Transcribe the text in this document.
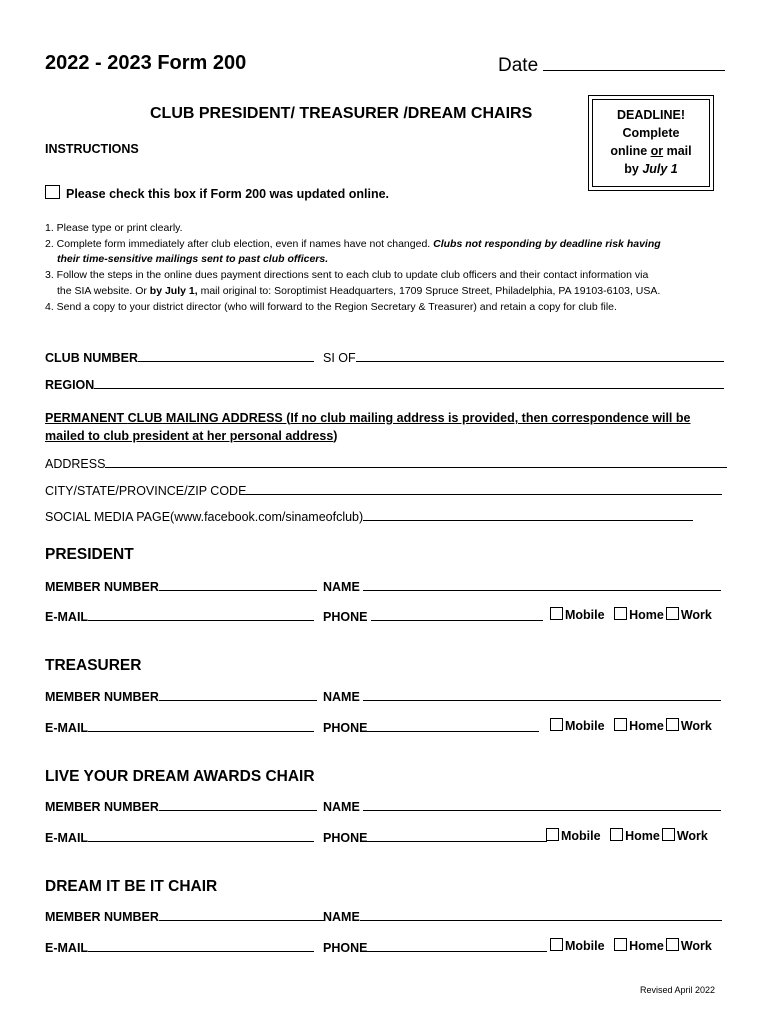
2022 - 2023 Form 200	Date
CLUB PRESIDENT/ TREASURER /DREAM CHAIRS
INSTRUCTIONS
DEADLINE!
Complete
online or mail
by July 1
Please check this box if Form 200 was updated online.
1. Please type or print clearly.
2. Complete form immediately after club election, even if names have not changed. Clubs not responding by deadline risk having
their time-sensitive mailings sent to past club officers.
3. Follow the steps in the online dues payment directions sent to each club to update club officers and their contact information via
the SIA website. Or by July 1, mail original to: Soroptimist Headquarters, 1709 Spruce Street, Philadelphia, PA 19103-6103, USA.
4. Send a copy to your district director (who will forward to the Region Secretary & Treasurer) and retain a copy for club file.
CLUB NUMBER	SI OF
REGION
PERMANENT CLUB MAILING ADDRESS (If no club mailing address is provided, then correspondence will be
mailed to club president at her personal address)
ADDRESS
CITY/STATE/PROVINCE/ZIP CODE
SOCIAL MEDIA PAGE(www.facebook.com/sinameofclub)
PRESIDENT
MEMBER NUMBER	NAME
E-MAIL	PHONE	Mobile Home Work
TREASURER
MEMBER NUMBER	NAME
E-MAIL	PHONE	Mobile Home Work
LIVE YOUR DREAM AWARDS CHAIR
MEMBER NUMBER	NAME
E-MAIL	PHONE	Mobile Home Work
DREAM IT BE IT CHAIR
MEMBER NUMBER	NAME
E-MAIL	PHONE	Mobile Home Work
Revised April 2022
